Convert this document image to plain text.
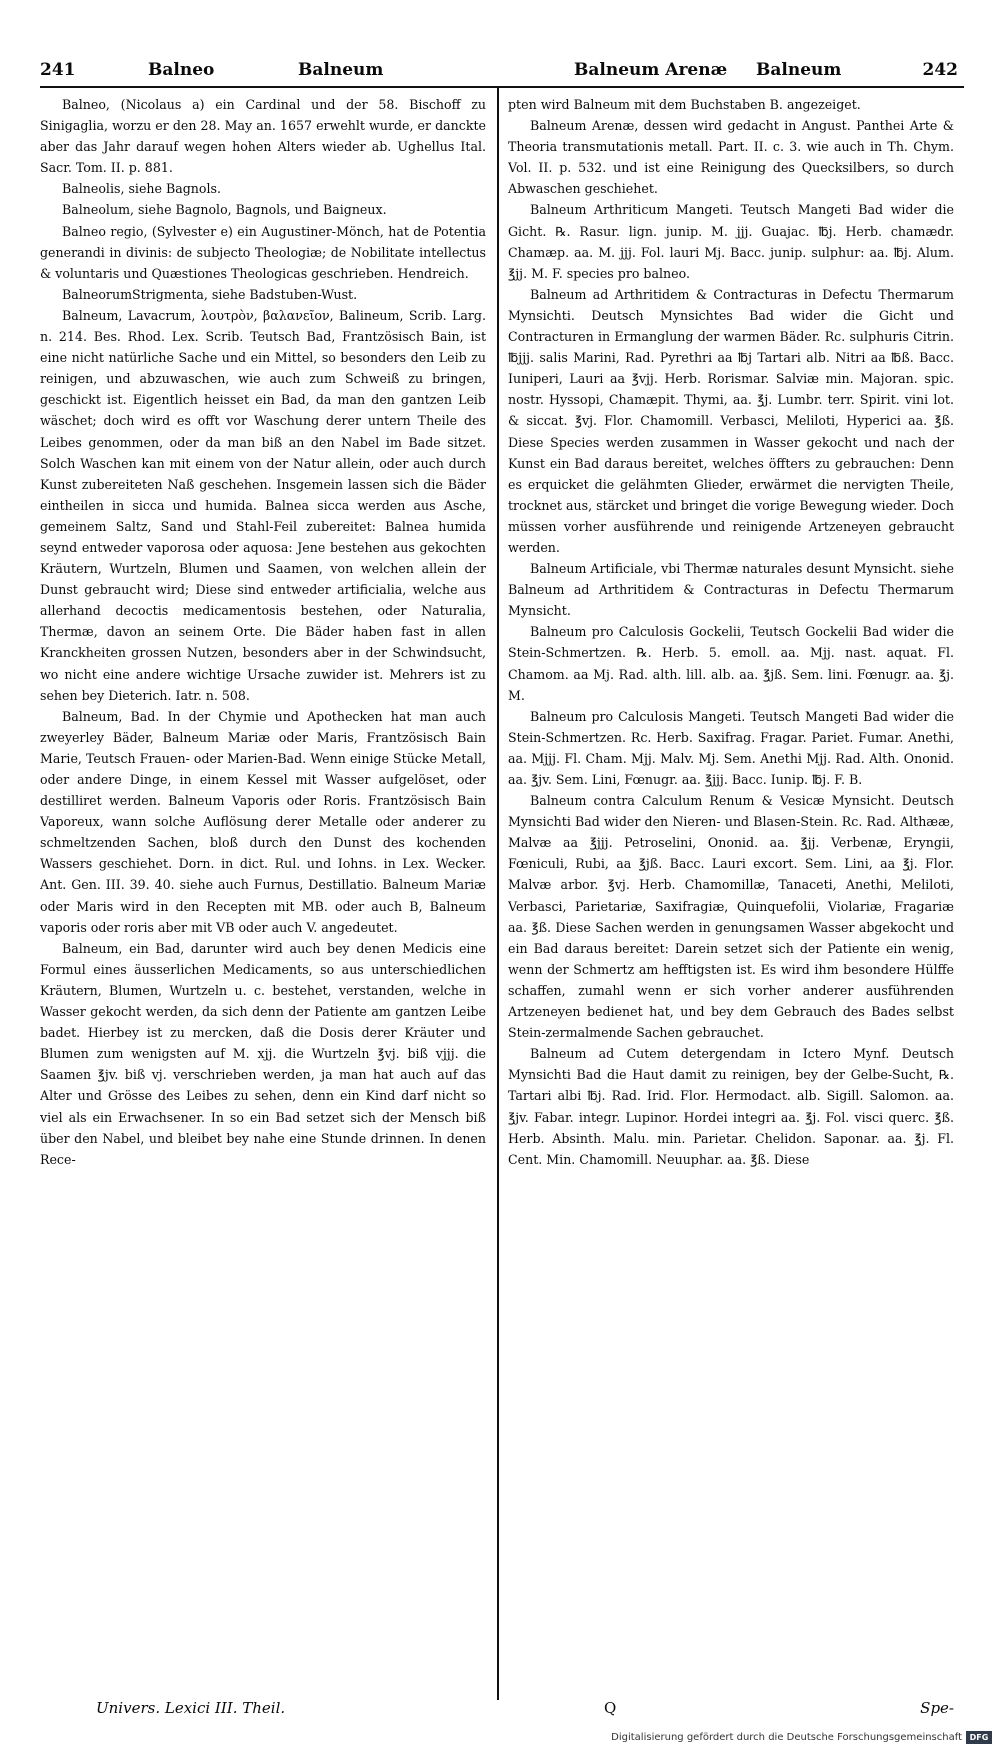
241	Balneo	Balneum	Balneum Arenæ Balneum	242

Balneo, (Nicolaus a) ein Cardinal und der 58. Bischoff zu Sinigaglia, worzu er den 28. May an. 1657 erwehlt wurde, er danckte aber das Jahr darauf wegen hohen Alters wieder ab. Ughellus Ital. Sacr. Tom. II. p. 881.

Balneolis, siehe Bagnols.

Balneolum, siehe Bagnolo, Bagnols, und Baigneux.

Balneo regio, (Sylvester e) ein Augustiner-Mönch, hat de Potentia generandi in divinis: de subjecto Theologiæ; de Nobilitate intellectus & voluntaris und Quæstiones Theologicas geschrieben. Hendreich.

BalneorumStrigmenta, siehe Badstuben-Wust.

Balneum, Lavacrum, λουτρὸν, βαλανεῖον, Balineum, Scrib. Larg. n. 214. Bes. Rhod. Lex. Scrib. Teutsch Bad, Frantzösisch Bain, ist eine nicht natürliche Sache und ein Mittel, so besonders den Leib zu reinigen, und abzuwaschen, wie auch zum Schweiß zu bringen, geschickt ist. Eigentlich heisset ein Bad, da man den gantzen Leib wäschet; doch wird es offt vor Waschung derer untern Theile des Leibes genommen, oder da man biß an den Nabel im Bade sitzet. Solch Waschen kan mit einem von der Natur allein, oder auch durch Kunst zubereiteten Naß geschehen. Insgemein lassen sich die Bäder eintheilen in sicca und humida. Balnea sicca werden aus Asche, gemeinem Saltz, Sand und Stahl-Feil zubereitet: Balnea humida seynd entweder vaporosa oder aquosa: Jene bestehen aus gekochten Kräutern, Wurtzeln, Blumen und Saamen, von welchen allein der Dunst gebraucht wird; Diese sind entweder artificialia, welche aus allerhand decoctis medicamentosis bestehen, oder Naturalia, Thermæ, davon an seinem Orte. Die Bäder haben fast in allen Kranckheiten grossen Nutzen, besonders aber in der Schwindsucht, wo nicht eine andere wichtige Ursache zuwider ist. Mehrers ist zu sehen bey Dieterich. Iatr. n. 508.

Balneum, Bad. In der Chymie und Apothecken hat man auch zweyerley Bäder, Balneum Mariæ oder Maris, Frantzösisch Bain Marie, Teutsch Frauen- oder Marien-Bad. Wenn einige Stücke Metall, oder andere Dinge, in einem Kessel mit Wasser aufgelöset, oder destilliret werden. Balneum Vaporis oder Roris. Frantzösisch Bain Vaporeux, wann solche Auflösung derer Metalle oder anderer zu schmeltzenden Sachen, bloß durch den Dunst des kochenden Wassers geschiehet. Dorn. in dict. Rul. und Iohns. in Lex. Wecker. Ant. Gen. III. 39. 40. siehe auch Furnus, Destillatio. Balneum Mariæ oder Maris wird in den Recepten mit MB. oder auch B, Balneum vaporis oder roris aber mit VB oder auch V. angedeutet.

Balneum, ein Bad, darunter wird auch bey denen Medicis eine Formul eines äusserlichen Medicaments, so aus unterschiedlichen Kräutern, Blumen, Wurtzeln u. c. bestehet, verstanden, welche in Wasser gekocht werden, da sich denn der Patiente am gantzen Leibe badet. Hierbey ist zu mercken, daß die Dosis derer Kräuter und Blumen zum wenigsten auf M. xjj. die Wurtzeln ℥vj. biß vjjj. die Saamen ℥jv. biß vj. verschrieben werden, ja man hat auch auf das Alter und Grösse des Leibes zu sehen, denn ein Kind darf nicht so viel als ein Erwachsener. In so ein Bad setzet sich der Mensch biß über den Nabel, und bleibet bey nahe eine Stunde drinnen. In denen Rece-

pten wird Balneum mit dem Buchstaben B. angezeiget.

Balneum Arenæ, dessen wird gedacht in Angust. Panthei Arte & Theoria transmutationis metall. Part. II. c. 3. wie auch in Th. Chym. Vol. II. p. 532. und ist eine Reinigung des Quecksilbers, so durch Abwaschen geschiehet.

Balneum Arthriticum Mangeti. Teutsch Mangeti Bad wider die Gicht. ℞. Rasur. lign. junip. M. jjj. Guajac. ℔j. Herb. chamædr. Chamæp. aa. M. jjj. Fol. lauri Mj. Bacc. junip. sulphur: aa. ℔j. Alum. ℥jj. M. F. species pro balneo.

Balneum ad Arthritidem & Contracturas in Defectu Thermarum Mynsichti. Deutsch Mynsichtes Bad wider die Gicht und Contracturen in Ermanglung der warmen Bäder. Rc. sulphuris Citrin. ℔jjj. salis Marini, Rad. Pyrethri aa ℔j Tartari alb. Nitri aa ℔ß. Bacc. Iuniperi, Lauri aa ℥vjj. Herb. Rorismar. Salviæ min. Majoran. spic. nostr. Hyssopi, Chamæpit. Thymi, aa. ℥j. Lumbr. terr. Spirit. vini lot. & siccat. ℥vj. Flor. Chamomill. Verbasci, Meliloti, Hyperici aa. ℥ß. Diese Species werden zusammen in Wasser gekocht und nach der Kunst ein Bad daraus bereitet, welches öffters zu gebrauchen: Denn es erquicket die gelähmten Glieder, erwärmet die nervigten Theile, trocknet aus, stärcket und bringet die vorige Bewegung wieder. Doch müssen vorher ausführende und reinigende Artzeneyen gebraucht werden.

Balneum Artificiale, vbi Thermæ naturales desunt Mynsicht. siehe Balneum ad Arthritidem & Contracturas in Defectu Thermarum Mynsicht.

Balneum pro Calculosis Gockelii, Teutsch Gockelii Bad wider die Stein-Schmertzen. ℞. Herb. 5. emoll. aa. Mjj. nast. aquat. Fl. Chamom. aa Mj. Rad. alth. lill. alb. aa. ℥jß. Sem. lini. Fœnugr. aa. ℥j. M.

Balneum pro Calculosis Mangeti. Teutsch Mangeti Bad wider die Stein-Schmertzen. Rc. Herb. Saxifrag. Fragar. Pariet. Fumar. Anethi, aa. Mjjj. Fl. Cham. Mjj. Malv. Mj. Sem. Anethi Mjj. Rad. Alth. Ononid. aa. ℥jv. Sem. Lini, Fœnugr. aa. ℥jjj. Bacc. Iunip. ℔j. F. B.

Balneum contra Calculum Renum & Vesicæ Mynsicht. Deutsch Mynsichti Bad wider den Nieren- und Blasen-Stein. Rc. Rad. Althææ, Malvæ aa ℥jjj. Petroselini, Ononid. aa. ℥jj. Verbenæ, Eryngii, Fœniculi, Rubi, aa ℥jß. Bacc. Lauri excort. Sem. Lini, aa ℥j. Flor. Malvæ arbor. ℥vj. Herb. Chamomillæ, Tanaceti, Anethi, Meliloti, Verbasci, Parietariæ, Saxifragiæ, Quinquefolii, Violariæ, Fragariæ aa. ℥ß. Diese Sachen werden in genungsamen Wasser abgekocht und ein Bad daraus bereitet: Darein setzet sich der Patiente ein wenig, wenn der Schmertz am hefftigsten ist. Es wird ihm besondere Hülffe schaffen, zumahl wenn er sich vorher anderer ausführenden Artzeneyen bedienet hat, und bey dem Gebrauch des Bades selbst Stein-zermalmende Sachen gebrauchet.

Balneum ad Cutem detergendam in Ictero Mynf. Deutsch Mynsichti Bad die Haut damit zu reinigen, bey der Gelbe-Sucht, ℞. Tartari albi ℔j. Rad. Irid. Flor. Hermodact. alb. Sigill. Salomon. aa. ℥jv. Fabar. integr. Lupinor. Hordei integri aa. ℥j. Fol. visci querc. ℥ß. Herb. Absinth. Malu. min. Parietar. Chelidon. Saponar. aa. ℥j. Fl. Cent. Min. Chamomill. Neuuphar. aa. ℥ß. Diese

Univers. Lexici III. Theil.	Q	Spe-
Digitalisierung gefördert durch die Deutsche Forschungsgemeinschaft DFG
